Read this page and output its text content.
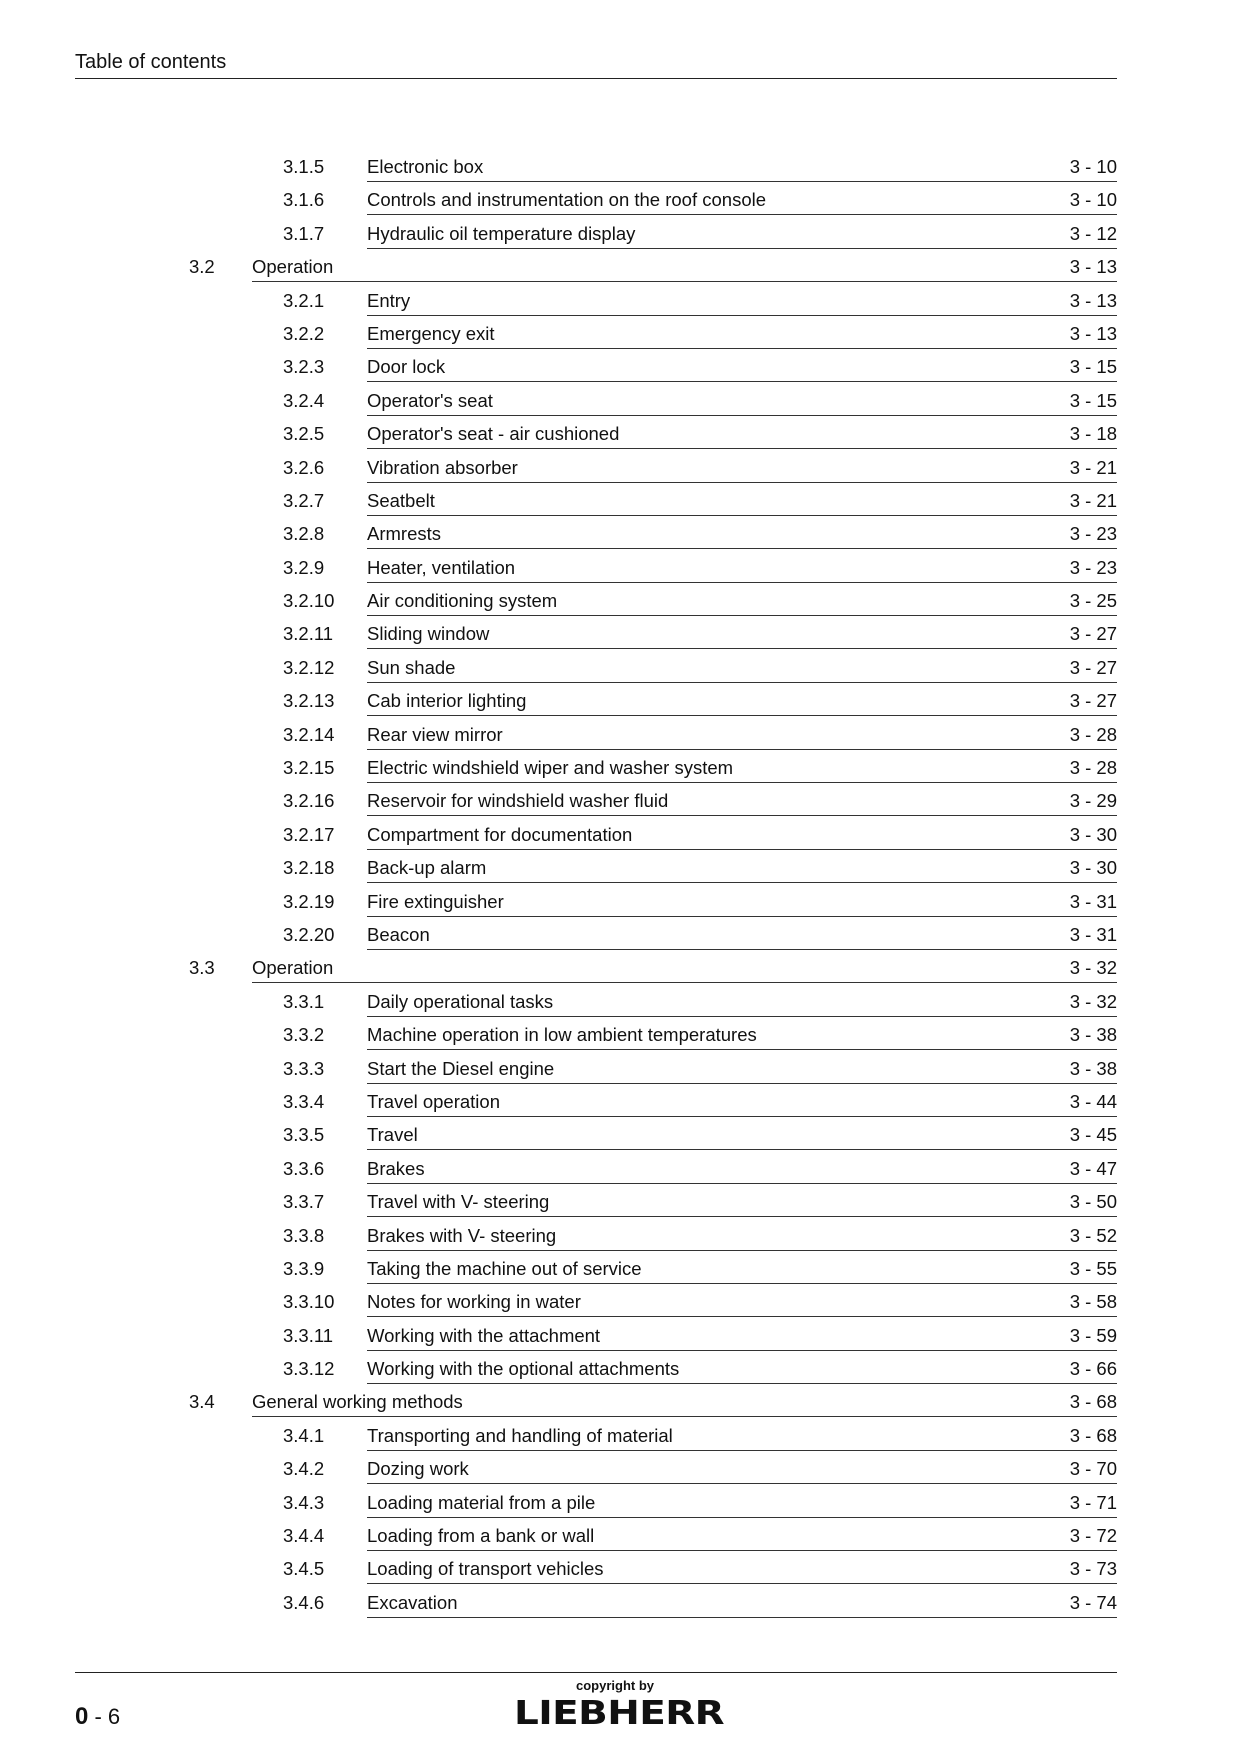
Table of contents
3.1.5 Electronic box	3 - 10
3.1.6 Controls and instrumentation on the roof console	3 - 10
3.1.7 Hydraulic oil temperature display	3 - 12
3.2 Operation	3 - 13
3.2.1 Entry	3 - 13
3.2.2 Emergency exit	3 - 13
3.2.3 Door lock	3 - 15
3.2.4 Operator's seat	3 - 15
3.2.5 Operator's seat - air cushioned	3 - 18
3.2.6 Vibration absorber	3 - 21
3.2.7 Seatbelt	3 - 21
3.2.8 Armrests	3 - 23
3.2.9 Heater, ventilation	3 - 23
3.2.10 Air conditioning system	3 - 25
3.2.11 Sliding window	3 - 27
3.2.12 Sun shade	3 - 27
3.2.13 Cab interior lighting	3 - 27
3.2.14 Rear view mirror	3 - 28
3.2.15 Electric windshield wiper and washer system	3 - 28
3.2.16 Reservoir for windshield washer fluid	3 - 29
3.2.17 Compartment for documentation	3 - 30
3.2.18 Back-up alarm	3 - 30
3.2.19 Fire extinguisher	3 - 31
3.2.20 Beacon	3 - 31
3.3 Operation	3 - 32
3.3.1 Daily operational tasks	3 - 32
3.3.2 Machine operation in low ambient temperatures	3 - 38
3.3.3 Start the Diesel engine	3 - 38
3.3.4 Travel operation	3 - 44
3.3.5 Travel	3 - 45
3.3.6 Brakes	3 - 47
3.3.7 Travel with V- steering	3 - 50
3.3.8 Brakes with V- steering	3 - 52
3.3.9 Taking the machine out of service	3 - 55
3.3.10 Notes for working in water	3 - 58
3.3.11 Working with the attachment	3 - 59
3.3.12 Working with the optional attachments	3 - 66
3.4 General working methods	3 - 68
3.4.1 Transporting and handling of material	3 - 68
3.4.2 Dozing work	3 - 70
3.4.3 Loading material from a pile	3 - 71
3.4.4 Loading from a bank or wall	3 - 72
3.4.5 Loading of transport vehicles	3 - 73
3.4.6 Excavation	3 - 74
0 - 6
copyright by
LIEBHERR
